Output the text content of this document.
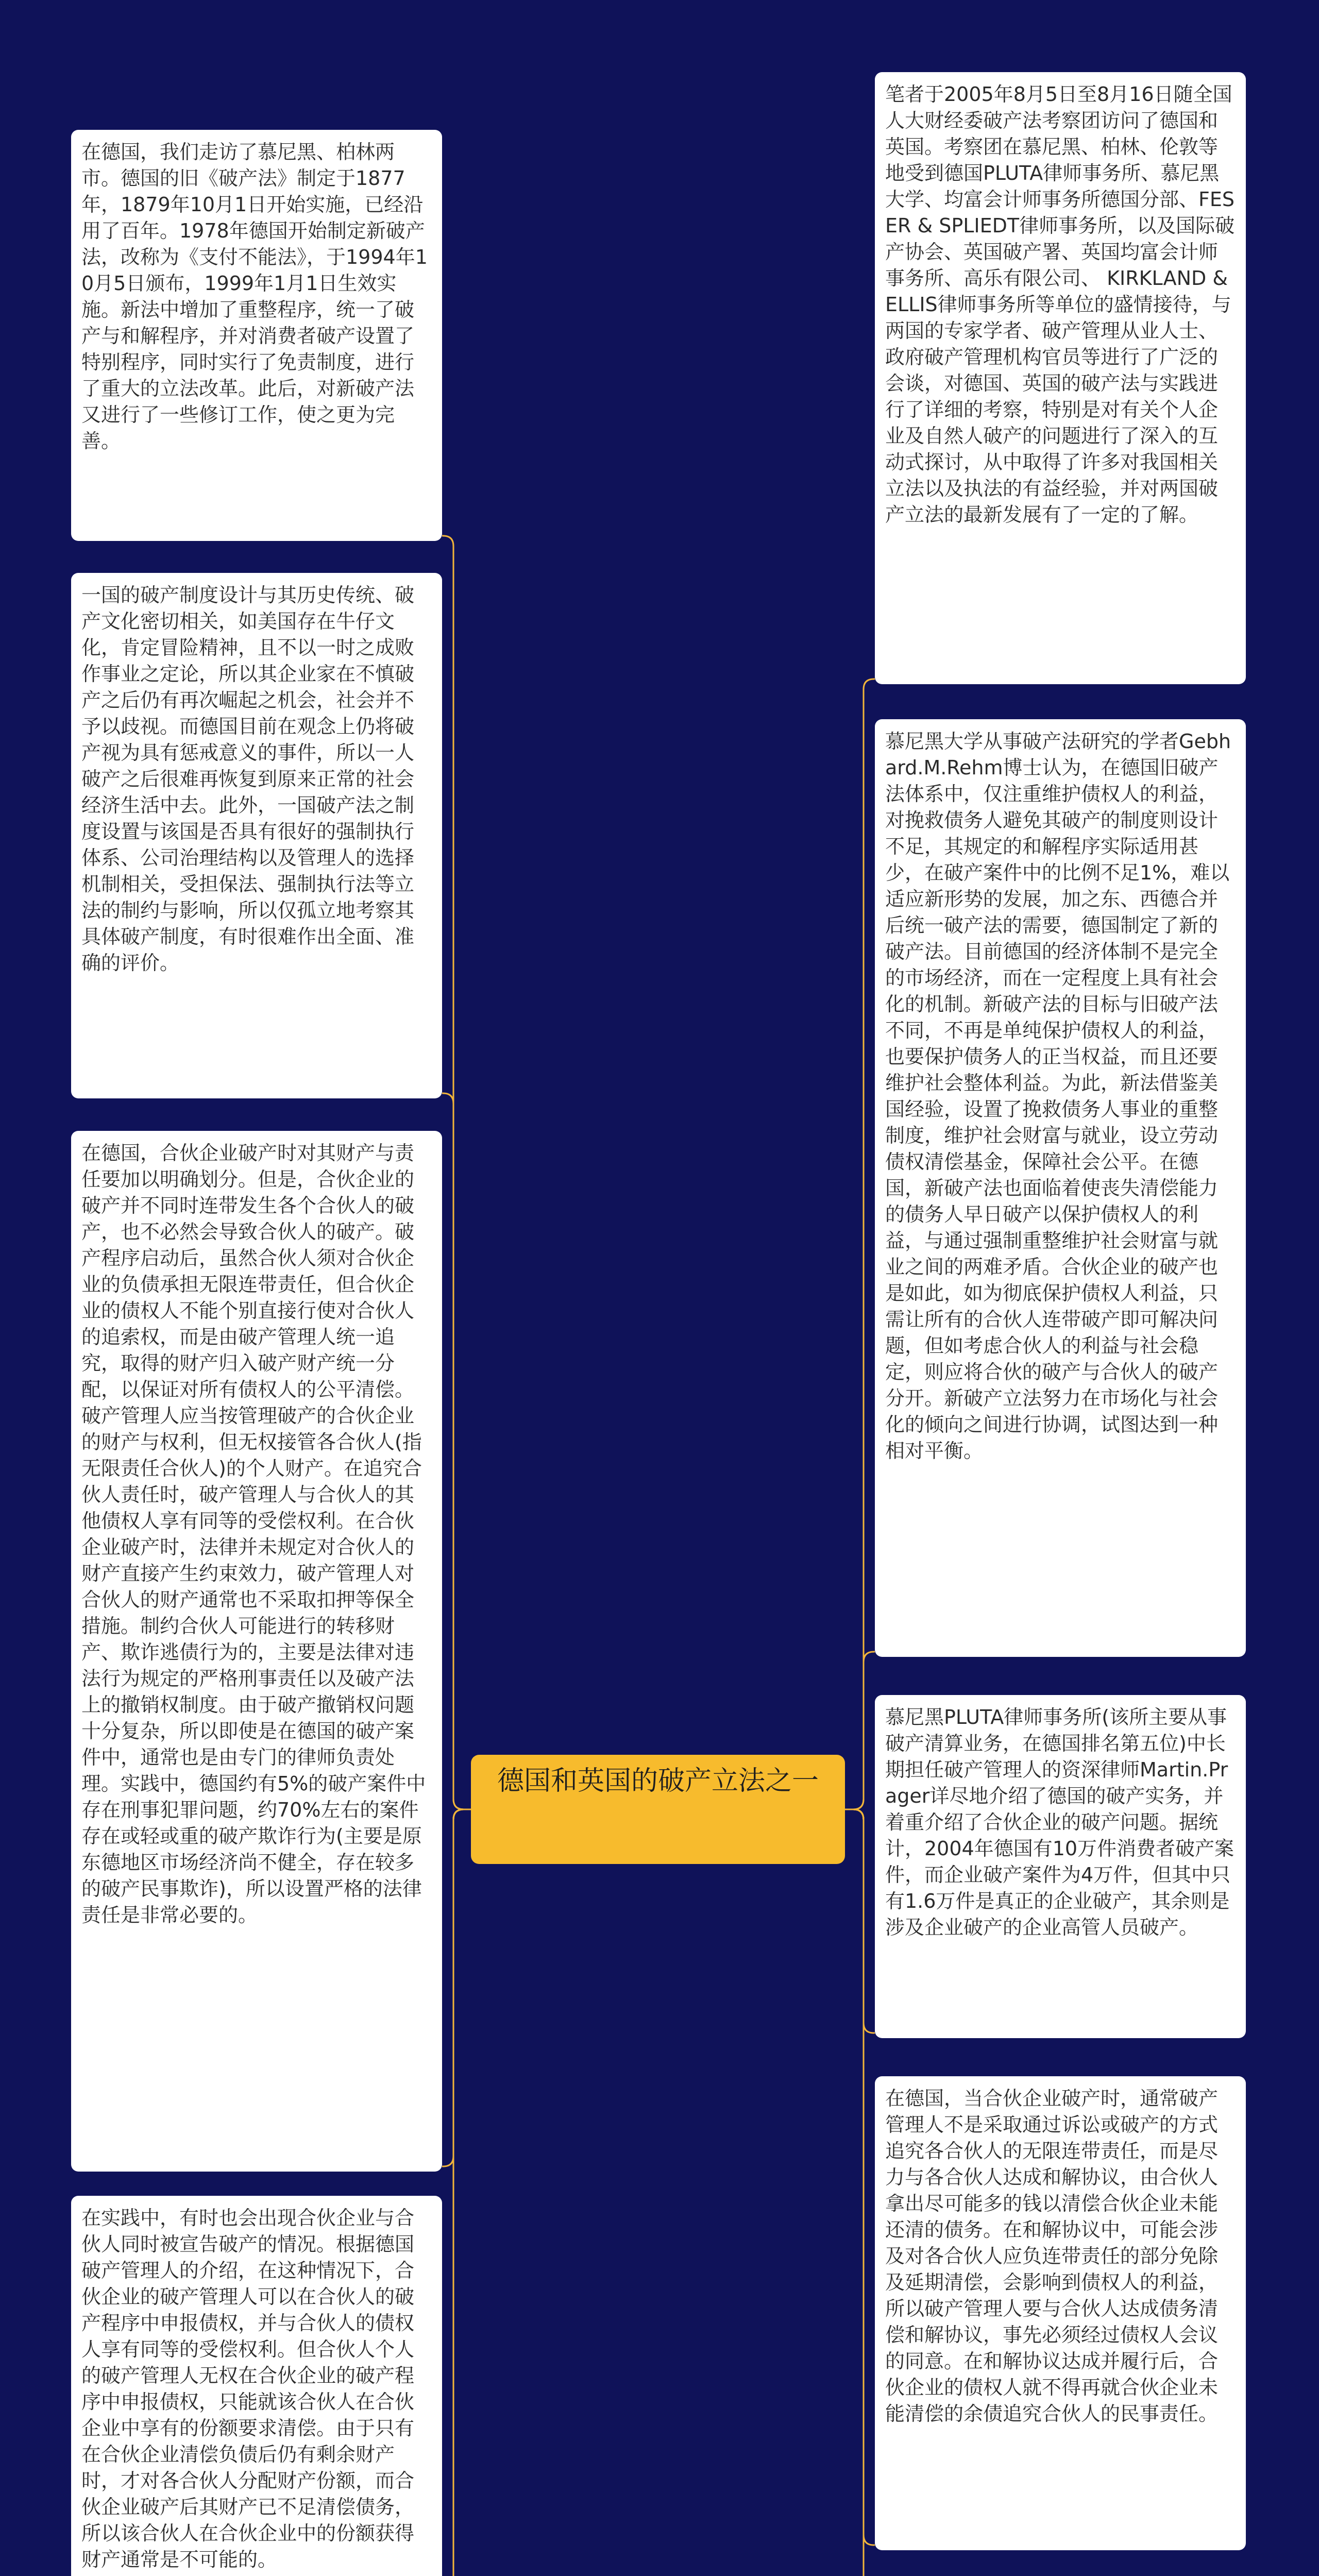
德国和英国的破产立法之一
在德国，我们走访了慕尼黑、柏林两市。德国的旧《破产法》制定于1877年，1879年10月1日开始实施，已经沿用了百年。1978年德国开始制定新破产法，改称为《支付不能法》，于1994年10月5日颁布，1999年1月1日生效实施。新法中增加了重整程序，统一了破产与和解程序，并对消费者破产设置了特别程序，同时实行了免责制度，进行了重大的立法改革。此后，对新破产法又进行了一些修订工作，使之更为完善。
一国的破产制度设计与其历史传统、破产文化密切相关，如美国存在牛仔文化，肯定冒险精神，且不以一时之成败作事业之定论，所以其企业家在不慎破产之后仍有再次崛起之机会，社会并不予以歧视。而德国目前在观念上仍将破产视为具有惩戒意义的事件，所以一人破产之后很难再恢复到原来正常的社会经济生活中去。此外，一国破产法之制度设置与该国是否具有很好的强制执行体系、公司治理结构以及管理人的选择机制相关，受担保法、强制执行法等立法的制约与影响，所以仅孤立地考察其具体破产制度，有时很难作出全面、准确的评价。
在德国，合伙企业破产时对其财产与责任要加以明确划分。但是，合伙企业的破产并不同时连带发生各个合伙人的破产，也不必然会导致合伙人的破产。破产程序启动后，虽然合伙人须对合伙企业的负债承担无限连带责任，但合伙企业的债权人不能个别直接行使对合伙人的追索权，而是由破产管理人统一追究，取得的财产归入破产财产统一分配，以保证对所有债权人的公平清偿。破产管理人应当按管理破产的合伙企业的财产与权利，但无权接管各合伙人(指无限责任合伙人)的个人财产。在追究合伙人责任时，破产管理人与合伙人的其他债权人享有同等的受偿权利。在合伙企业破产时，法律并未规定对合伙人的财产直接产生约束效力，破产管理人对合伙人的财产通常也不采取扣押等保全措施。制约合伙人可能进行的转移财产、欺诈逃债行为的，主要是法律对违法行为规定的严格刑事责任以及破产法上的撤销权制度。由于破产撤销权问题十分复杂，所以即使是在德国的破产案件中，通常也是由专门的律师负责处理。实践中，德国约有5%的破产案件中存在刑事犯罪问题，约70%左右的案件存在或轻或重的破产欺诈行为(主要是原东德地区市场经济尚不健全，存在较多的破产民事欺诈)，所以设置严格的法律责任是非常必要的。
在实践中，有时也会出现合伙企业与合伙人同时被宣告破产的情况。根据德国破产管理人的介绍，在这种情况下，合伙企业的破产管理人可以在合伙人的破产程序中申报债权，并与合伙人的债权人享有同等的受偿权利。但合伙人个人的破产管理人无权在合伙企业的破产程序中申报债权，只能就该合伙人在合伙企业中享有的份额要求清偿。由于只有在合伙企业清偿负债后仍有剩余财产时，才对各合伙人分配财产份额，而合伙企业破产后其财产已不足清偿债务，所以该合伙人在合伙企业中的份额获得财产通常是不可能的。
笔者于2005年8月5日至8月16日随全国人大财经委破产法考察团访问了德国和英国。考察团在慕尼黑、柏林、伦敦等地受到德国PLUTA律师事务所、慕尼黑大学、均富会计师事务所德国分部、FESER & SPLIEDT律师事务所，以及国际破产协会、英国破产署、英国均富会计师事务所、高乐有限公司、 KIRKLAND & ELLIS律师事务所等单位的盛情接待，与两国的专家学者、破产管理从业人士、政府破产管理机构官员等进行了广泛的会谈，对德国、英国的破产法与实践进行了详细的考察，特别是对有关个人企业及自然人破产的问题进行了深入的互动式探讨，从中取得了许多对我国相关立法以及执法的有益经验，并对两国破产立法的最新发展有了一定的了解。
慕尼黑大学从事破产法研究的学者Gebhard.M.Rehm博士认为，在德国旧破产法体系中，仅注重维护债权人的利益，对挽救债务人避免其破产的制度则设计不足，其规定的和解程序实际适用甚少，在破产案件中的比例不足1%，难以适应新形势的发展，加之东、西德合并后统一破产法的需要，德国制定了新的破产法。目前德国的经济体制不是完全的市场经济，而在一定程度上具有社会化的机制。新破产法的目标与旧破产法不同，不再是单纯保护债权人的利益，也要保护债务人的正当权益，而且还要维护社会整体利益。为此，新法借鉴美国经验，设置了挽救债务人事业的重整制度，维护社会财富与就业，设立劳动债权清偿基金，保障社会公平。在德国，新破产法也面临着使丧失清偿能力的债务人早日破产以保护债权人的利益，与通过强制重整维护社会财富与就业之间的两难矛盾。合伙企业的破产也是如此，如为彻底保护债权人利益，只需让所有的合伙人连带破产即可解决问题，但如考虑合伙人的利益与社会稳定，则应将合伙的破产与合伙人的破产分开。新破产立法努力在市场化与社会化的倾向之间进行协调，试图达到一种相对平衡。
慕尼黑PLUTA律师事务所(该所主要从事破产清算业务，在德国排名第五位)中长期担任破产管理人的资深律师Martin.Prager详尽地介绍了德国的破产实务，并着重介绍了合伙企业的破产问题。据统计，2004年德国有10万件消费者破产案件，而企业破产案件为4万件，但其中只有1.6万件是真正的企业破产，其余则是涉及企业破产的企业高管人员破产。
在德国，当合伙企业破产时，通常破产管理人不是采取通过诉讼或破产的方式追究各合伙人的无限连带责任，而是尽力与各合伙人达成和解协议，由合伙人拿出尽可能多的钱以清偿合伙企业未能还清的债务。在和解协议中，可能会涉及对各合伙人应负连带责任的部分免除及延期清偿，会影响到债权人的利益，所以破产管理人要与合伙人达成债务清偿和解协议，事先必须经过债权人会议的同意。在和解协议达成并履行后，合伙企业的债权人就不得再就合伙企业未能清偿的余债追究合伙人的民事责任。
